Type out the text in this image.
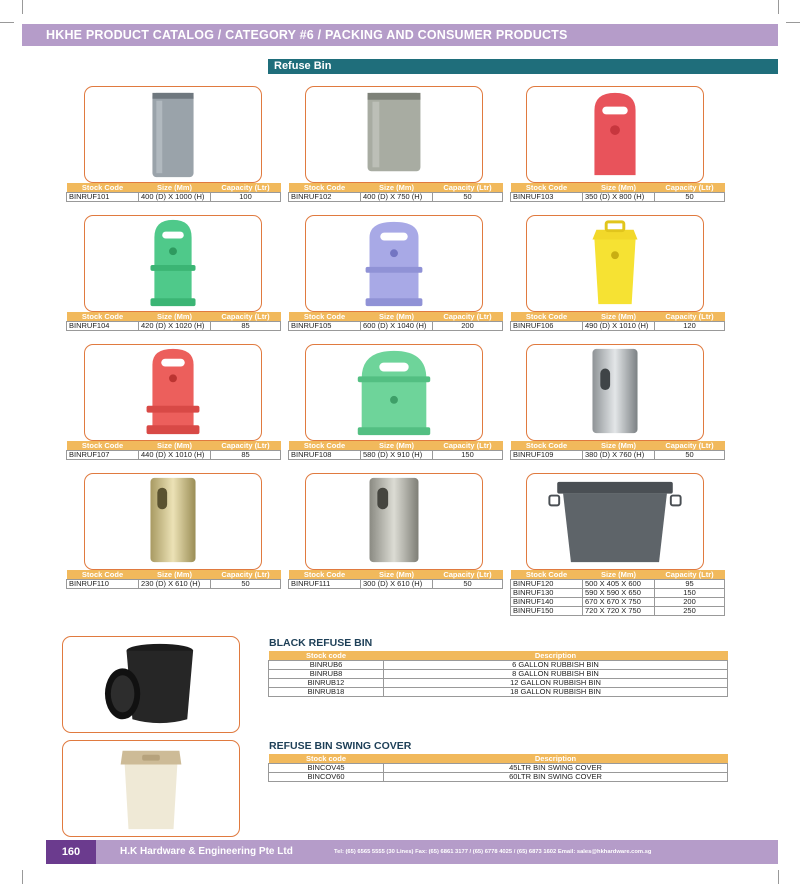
HKHE PRODUCT CATALOG / CATEGORY #6 / PACKING AND CONSUMER PRODUCTS
Refuse Bin
Stock Code	Size (Mm)	Capacity (Ltr)
BINRUF101	400 (D) X 1000 (H)	100
Stock Code	Size (Mm)	Capacity (Ltr)
BINRUF102	400 (D) X 750 (H)	50
Stock Code	Size (Mm)	Capacity (Ltr)
BINRUF103	350 (D) X 800 (H)	50
Stock Code	Size (Mm)	Capacity (Ltr)
BINRUF104	420 (D) X 1020 (H)	85
Stock Code	Size (Mm)	Capacity (Ltr)
BINRUF105	600 (D) X 1040 (H)	200
Stock Code	Size (Mm)	Capacity (Ltr)
BINRUF106	490 (D) X 1010 (H)	120
Stock Code	Size (Mm)	Capacity (Ltr)
BINRUF107	440 (D) X 1010 (H)	85
Stock Code	Size (Mm)	Capacity (Ltr)
BINRUF108	580 (D) X 910 (H)	150
Stock Code	Size (Mm)	Capacity (Ltr)
BINRUF109	380 (D) X 760 (H)	50
Stock Code	Size (Mm)	Capacity (Ltr)
BINRUF110	230 (D) X 610 (H)	50
Stock Code	Size (Mm)	Capacity (Ltr)
BINRUF111	300 (D) X 610 (H)	50
Stock Code	Size (Mm)	Capacity (Ltr)
BINRUF120	500 X 405 X 600	95
BINRUF130	590 X 590 X 650	150
BINRUF140	670 X 670 X 750	200
BINRUF150	720 X 720 X 750	250
BLACK REFUSE BIN
Stock code	Description
BINRUB6	6 GALLON RUBBISH BIN
BINRUB8	8 GALLON RUBBISH BIN
BINRUB12	12 GALLON RUBBISH BIN
BINRUB18	18 GALLON RUBBISH BIN
REFUSE BIN SWING COVER
Stock code	Description
BINCOV45	45LTR BIN SWING COVER
BINCOV60	60LTR BIN SWING COVER
160	H.K Hardware & Engineering Pte Ltd	Tel: (65) 6565 5555 (30 Lines) Fax: (65) 6861 3177 / (65) 6778 4025 / (65) 6873 1602 Email: sales@hkhardware.com.sg
